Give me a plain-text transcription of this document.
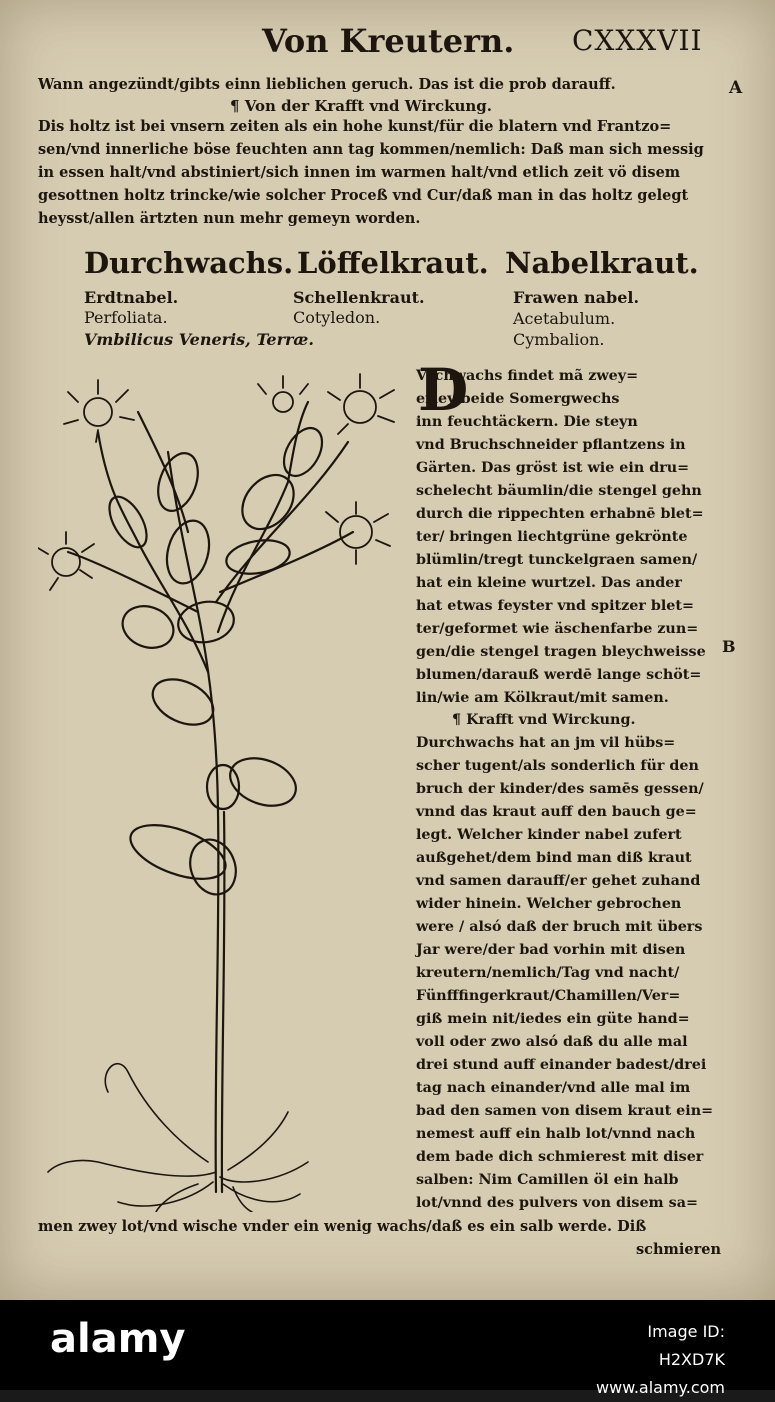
Von Kreutern. CXXXVII

A

B

Wann angezündt/gibts einn lieblichen geruch. Das ist die prob darauff.

¶ Von der Krafft vnd Wirckung.

Dis holtz ist bei vnsern zeiten als ein hohe kunst/für die blatern vnd Frantzo=

sen/vnd innerliche böse feuchten ann tag kommen/nemlich: Daß man sich messig

in essen halt/vnd abstiniert/sich innen im warmen halt/vnd etlich zeit vö disem

gesottnen holtz trincke/wie solcher Proceß vnd Cur/daß man in das holtz gelegt

heysst/allen ärtzten nun mehr gemeyn worden.

Durchwachs. Löffelkraut. Nabelkraut.

Erdtnabel.

Perfoliata.

Vmbilicus Veneris, Terræ.

Schellenkraut.

Cotyledon.

Frawen nabel.

Acetabulum.

Cymbalion.

D

Vrchwachs findet mã zwey=

erley/beide Somergwechs

inn feuchtäckern. Die steyn

vnd Bruchschneider pflantzens in

Gärten. Das gröst ist wie ein dru=

schelecht bäumlin/die stengel gehn

durch die rippechten erhabnē blet=

ter/ bringen liechtgrüne gekrönte

blümlin/tregt tunckelgraen samen/

hat ein kleine wurtzel. Das ander

hat etwas feyster vnd spitzer blet=

ter/geformet wie äschenfarbe zun=

gen/die stengel tragen bleychweisse

blumen/darauß werdē lange schöt=

lin/wie am Kölkraut/mit samen.

¶ Krafft vnd Wirckung.

Durchwachs hat an jm vil hübs=

scher tugent/als sonderlich für den

bruch der kinder/des samēs gessen/

vnnd das kraut auff den bauch ge=

legt. Welcher kinder nabel zufert

außgehet/dem bind man diß kraut

vnd samen darauff/er gehet zuhand

wider hinein. Welcher gebrochen

were / alsó daß der bruch mit übers

Jar were/der bad vorhin mit disen

kreutern/nemlich/Tag vnd nacht/

Fünfffingerkraut/Chamillen/Ver=

giß mein nit/iedes ein güte hand=

voll oder zwo alsó daß du alle mal

drei stund auff einander badest/drei

tag nach einander/vnd alle mal im

bad den samen von disem kraut ein=

nemest auff ein halb lot/vnnd nach

dem bade dich schmierest mit diser

salben: Nim Camillen öl ein halb

lot/vnnd des pulvers von disem sa=

men zwey lot/vnd wische vnder ein wenig wachs/daß es ein salb werde. Diß

schmieren

alamy	Image ID: H2XD7K
www.alamy.com
